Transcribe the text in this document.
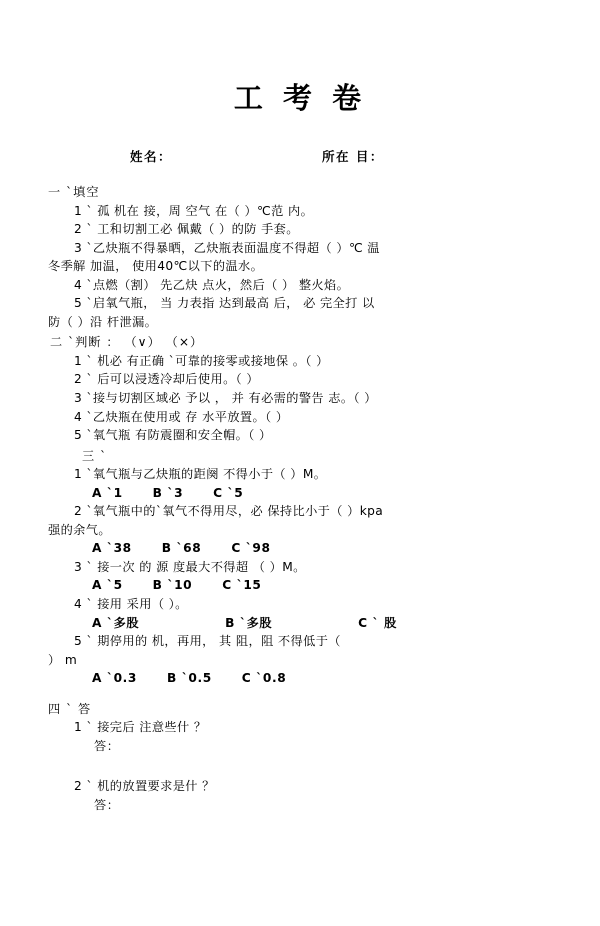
工 考 卷
姓名：	所在 目：
一 `填空
1 ` 孤 机在 接，周 空气 在（ ）℃范 内。
2 ` 工和切割工必 佩戴（ ）的防 手套。
3 `乙炔瓶不得暴晒，乙炔瓶表面温度不得超（ ）℃ 温
冬季解 加温， 使用40℃以下的温水。
4 `点燃（割） 先乙炔 点火，然后（ ） 整火焰。
5 `启氧气瓶， 当 力表指 达到最高 后， 必 完全打 以
防（ ）沿 杆泄漏。
二 `判断 ： （∨） （×）
1 ` 机必 有正确 `可靠的接零或接地保 。（ ）
2 ` 后可以浸透冷却后使用。（ ）
3 `接与切割区域必 予以 ， 并 有必需的警告 志。（ ）
4 `乙炔瓶在使用或 存 水平放置。（ ）
5 `氧气瓶 有防震圈和安全帽。（ ）
三 `
1 `氧气瓶与乙炔瓶的距阕 不得小于（ ）M。
A `1 B `3 C `5
2 `氧气瓶中的`氧气不得用尽，必 保持比小于（ ）kpa
强的余气。
A `38 B `68 C `98
3 ` 接一次 的 源 度最大不得超 （ ）M。
A `5 B `10 C `15
4 ` 接用 采用（ ）。
A `多股	B `多股	C ` 股
5 ` 期停用的 机，再用， 其 阻，阻 不得低于（
） m
A `0.3 B `0.5 C `0.8
四 ` 答
1 ` 接完后 注意些什 ？
答：
2 ` 机的放置要求是什 ？
答：
